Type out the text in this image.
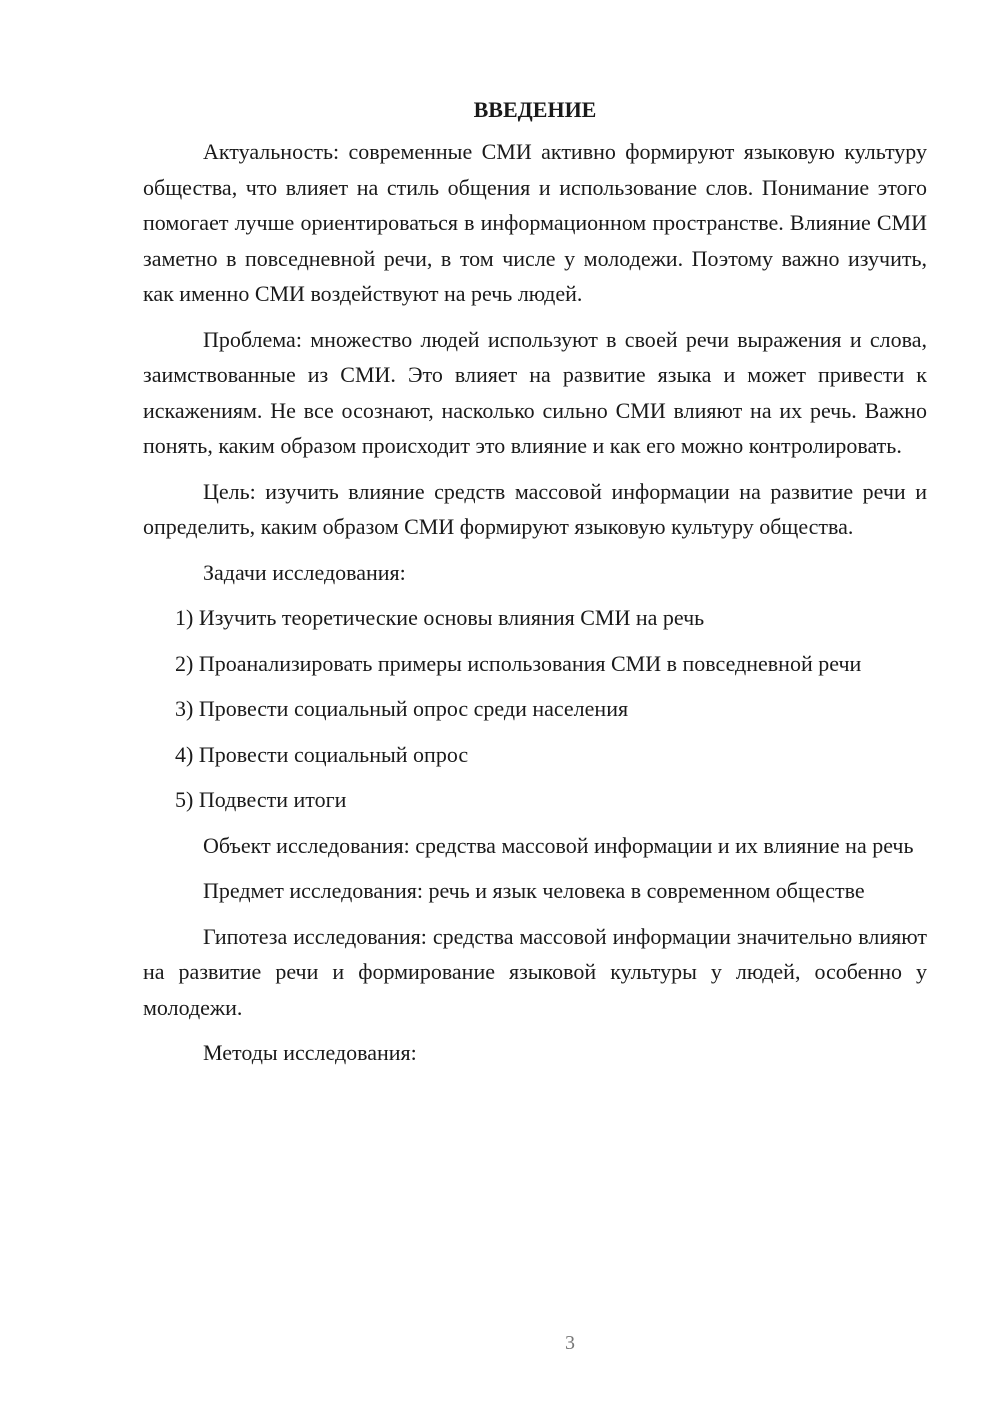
ВВЕДЕНИЕ

Актуальность: современные СМИ активно формируют языковую культуру общества, что влияет на стиль общения и использование слов. Понимание этого помогает лучше ориентироваться в информационном пространстве. Влияние СМИ заметно в повседневной речи, в том числе у молодежи. Поэтому важно изучить, как именно СМИ воздействуют на речь людей.

Проблема: множество людей используют в своей речи выражения и слова, заимствованные из СМИ. Это влияет на развитие языка и может привести к искажениям. Не все осознают, насколько сильно СМИ влияют на их речь. Важно понять, каким образом происходит это влияние и как его можно контролировать.

Цель: изучить влияние средств массовой информации на развитие речи и определить, каким образом СМИ формируют языковую культуру общества.

Задачи исследования:

1) Изучить теоретические основы влияния СМИ на речь

2) Проанализировать примеры использования СМИ в повседневной речи

3) Провести социальный опрос среди населения

4) Провести социальный опрос

5) Подвести итоги

Объект исследования: средства массовой информации и их влияние на речь

Предмет исследования: речь и язык человека в современном обществе

Гипотеза исследования: средства массовой информации значительно влияют на развитие речи и формирование языковой культуры у людей, особенно у молодежи.

Методы исследования:

3
